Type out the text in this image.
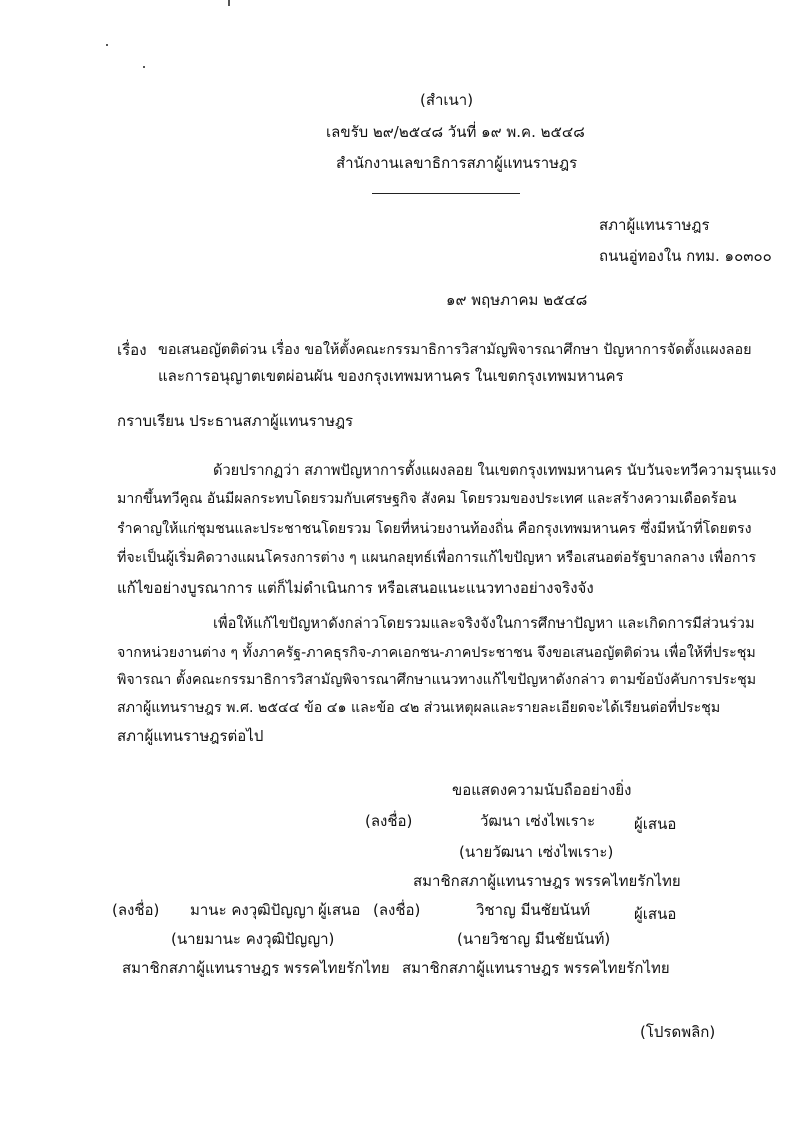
(สำเนา)
เลขรับ ๒๙/๒๕๔๘ วันที่ ๑๙ พ.ค. ๒๕๔๘
สำนักงานเลขาธิการสภาผู้แทนราษฎร
สภาผู้แทนราษฎร
ถนนอู่ทองใน กทม. ๑๐๓๐๐
๑๙ พฤษภาคม ๒๕๔๘
เรื่อง ขอเสนอญัตติด่วน เรื่อง ขอให้ตั้งคณะกรรมาธิการวิสามัญพิจารณาศึกษา ปัญหาการจัดตั้งแผงลอย
และการอนุญาตเขตผ่อนผัน ของกรุงเทพมหานคร ในเขตกรุงเทพมหานคร
กราบเรียน ประธานสภาผู้แทนราษฎร
ด้วยปรากฏว่า สภาพปัญหาการตั้งแผงลอย ในเขตกรุงเทพมหานคร นับวันจะทวีความรุนแรง
มากขึ้นทวีคูณ อันมีผลกระทบโดยรวมกับเศรษฐกิจ สังคม โดยรวมของประเทศ และสร้างความเดือดร้อน
รำคาญให้แก่ชุมชนและประชาชนโดยรวม โดยที่หน่วยงานท้องถิ่น คือกรุงเทพมหานคร ซึ่งมีหน้าที่โดยตรง
ที่จะเป็นผู้เริ่มคิดวางแผนโครงการต่าง ๆ แผนกลยุทธ์เพื่อการแก้ไขปัญหา หรือเสนอต่อรัฐบาลกลาง เพื่อการ
แก้ไขอย่างบูรณาการ แต่ก็ไม่ดำเนินการ หรือเสนอแนะแนวทางอย่างจริงจัง
เพื่อให้แก้ไขปัญหาดังกล่าวโดยรวมและจริงจังในการศึกษาปัญหา และเกิดการมีส่วนร่วม
จากหน่วยงานต่าง ๆ ทั้งภาครัฐ-ภาคธุรกิจ-ภาคเอกชน-ภาคประชาชน จึงขอเสนอญัตติด่วน เพื่อให้ที่ประชุม
พิจารณา ตั้งคณะกรรมาธิการวิสามัญพิจารณาศึกษาแนวทางแก้ไขปัญหาดังกล่าว ตามข้อบังคับการประชุม
สภาผู้แทนราษฎร พ.ศ. ๒๕๔๔ ข้อ ๔๑ และข้อ ๔๒ ส่วนเหตุผลและรายละเอียดจะได้เรียนต่อที่ประชุม
สภาผู้แทนราษฎรต่อไป
ขอแสดงความนับถืออย่างยิ่ง
(ลงชื่อ)	วัฒนา เซ่งไพเราะ	ผู้เสนอ
(นายวัฒนา เซ่งไพเราะ)
สมาชิกสภาผู้แทนราษฎร พรรคไทยรักไทย
(ลงชื่อ) มานะ คงวุฒิปัญญา ผู้เสนอ
(นายมานะ คงวุฒิปัญญา)
สมาชิกสภาผู้แทนราษฎร พรรคไทยรักไทย
(ลงชื่อ)	วิชาญ มีนชัยนันท์	ผู้เสนอ
(นายวิชาญ มีนชัยนันท์)
สมาชิกสภาผู้แทนราษฎร พรรคไทยรักไทย
(โปรดพลิก)
